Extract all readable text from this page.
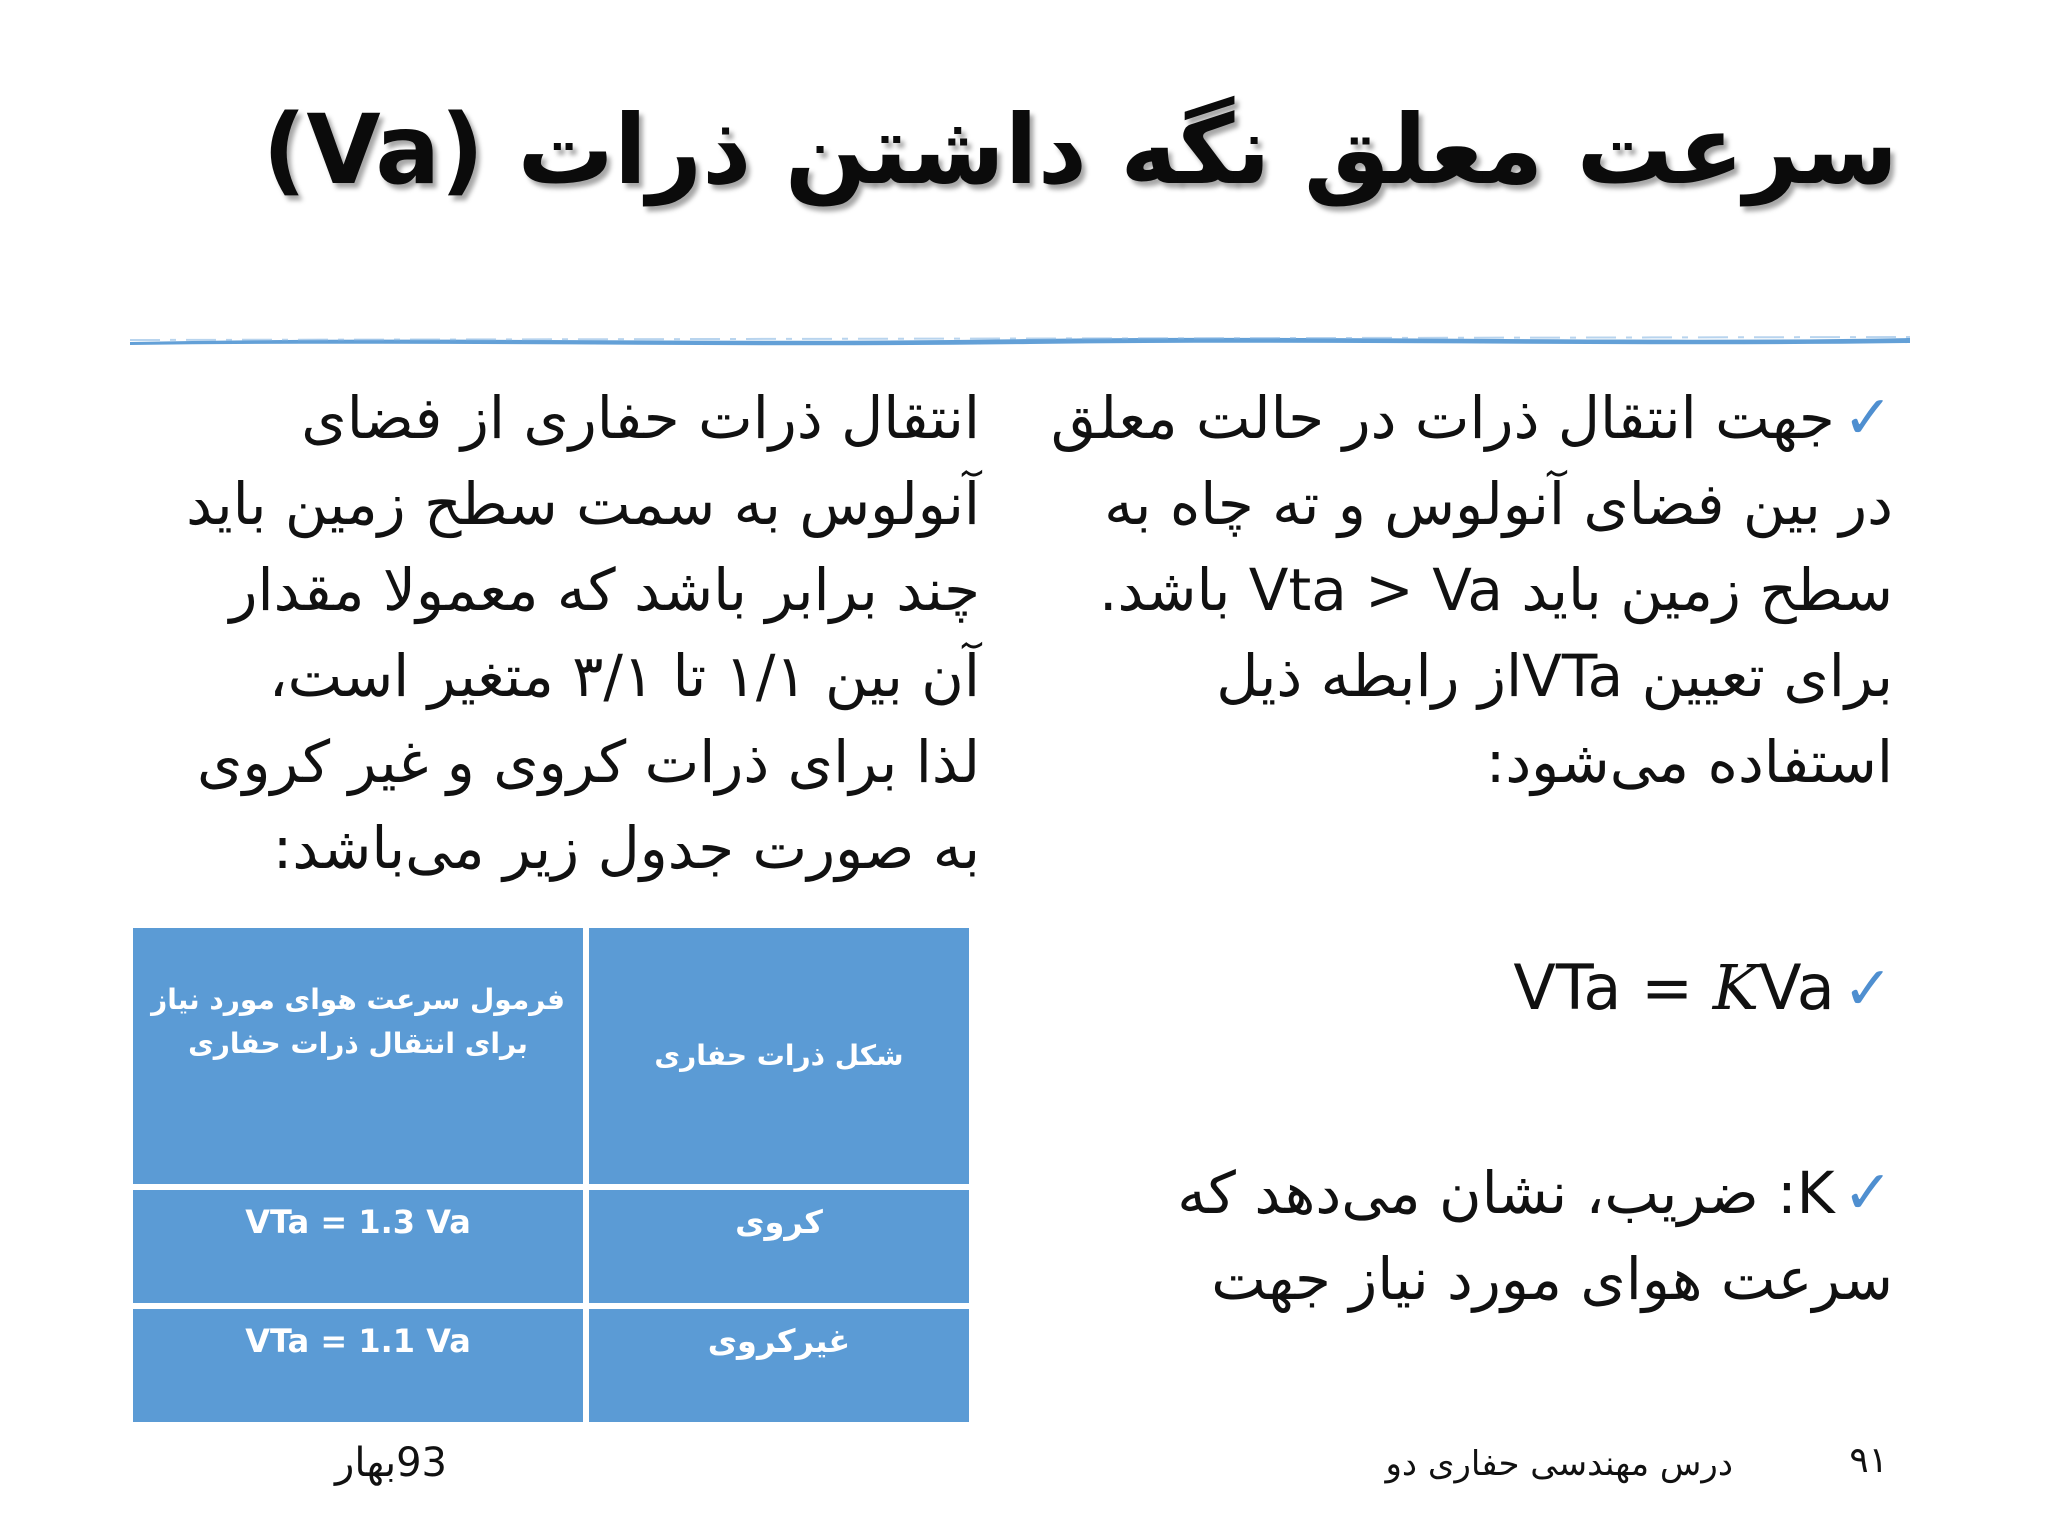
سرعت معلق نگه داشتن ذرات (Va)
✓جهت انتقال ذرات در حالت معلق
در بین فضای آنولوس و ته چاه به
سطح زمین باید Vta > Va باشد.
برای تعیین VTaاز رابطه ذیل
استفاده می‌شود:
✓VTa = KVa
✓K: ضریب، نشان می‌دهد که
سرعت هوای مورد نیاز جهت
انتقال ذرات حفاری از فضای
آنولوس به سمت سطح زمین باید
چند برابر باشد که معمولا مقدار
آن بین ۱/۱ تا ۳/۱ متغیر است،
لذا برای ذرات کروی و غیر کروی
به صورت جدول زیر می‌باشد:
فرمول سرعت هوای مورد نیاز برای انتقال ذرات حفاری	شکل ذرات حفاری
VTa = 1.3 Va	کروی
VTa = 1.1 Va	غیرکروی
۹۱
درس مهندسی حفاری دو
93بهار
